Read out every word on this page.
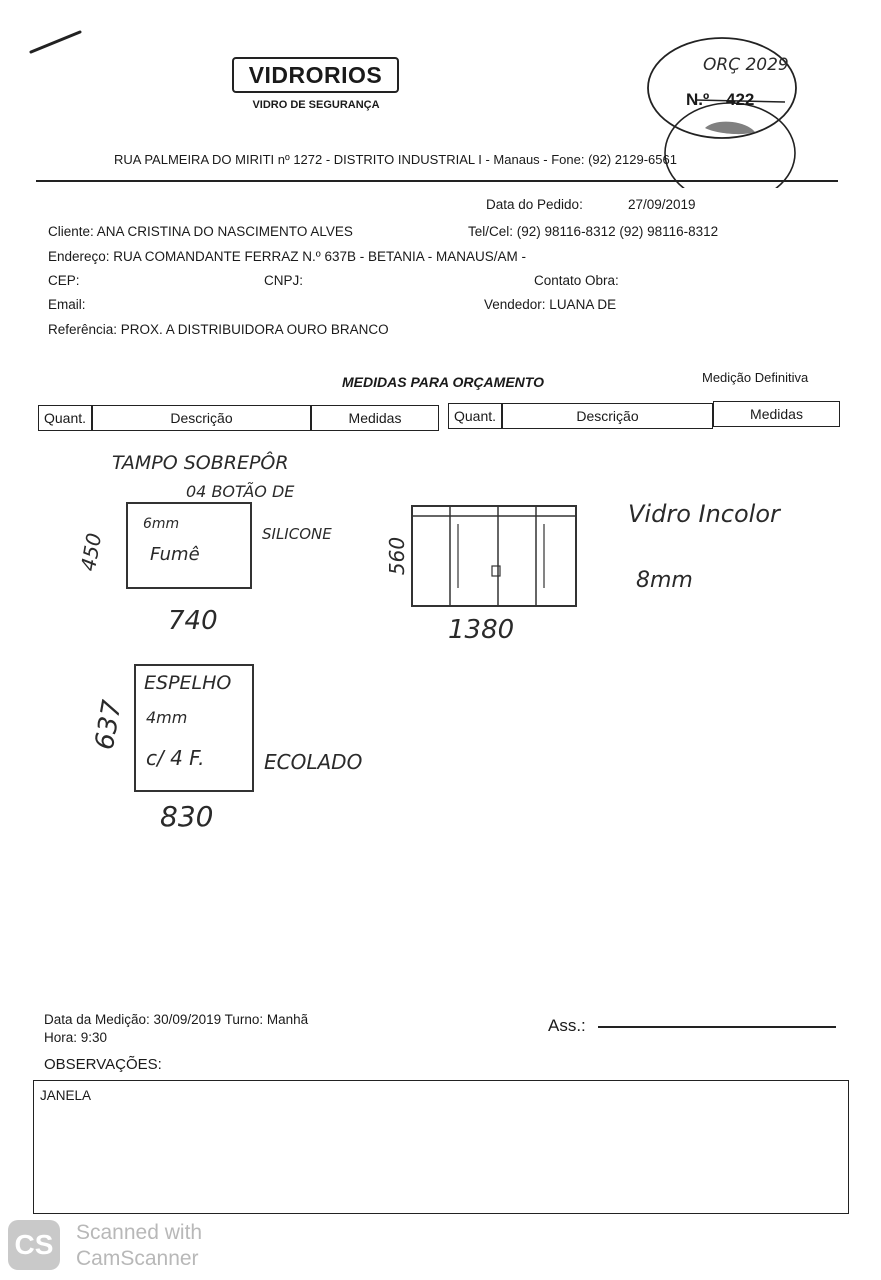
VIDRORIOS
VIDRO DE SEGURANÇA
ORÇ 2029
N.º 422
RUA PALMEIRA DO MIRITI nº 1272 - DISTRITO INDUSTRIAL I - Manaus - Fone: (92) 2129-6561
Data do Pedido:	27/09/2019
Cliente: ANA CRISTINA DO NASCIMENTO ALVES	Tel/Cel: (92) 98116-8312 (92) 98116-8312
Endereço: RUA COMANDANTE FERRAZ N.º 637B - BETANIA - MANAUS/AM -
CEP:	CNPJ:	Contato Obra:
Email:	Vendedor: LUANA DE
Referência: PROX. A DISTRIBUIDORA OURO BRANCO
MEDIDAS PARA ORÇAMENTO	Medição Definitiva
Quant.	Descrição	Medidas	Quant.	Descrição	Medidas
TAMPO SOBREPÔR
04 BOTÃO DE
6mm
Fumê
SILICONE
450
740
560
1380
Vidro Incolor
8mm
ESPELHO
4mm
c/ 4 F.	ECOLADO
637
830
Data da Medição: 30/09/2019 Turno: Manhã
Hora: 9:30
Ass.:
OBSERVAÇÕES:
JANELA
CS	Scanned with
CamScanner
